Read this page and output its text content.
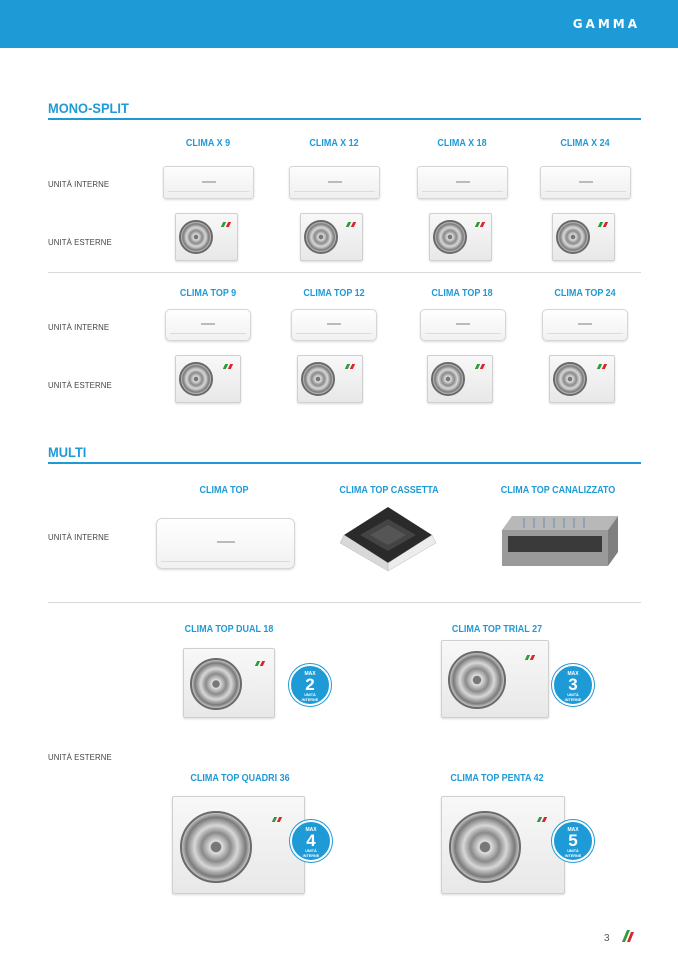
GAMMA
MONO-SPLIT
CLIMA X 9	CLIMA X 12	CLIMA X 18	CLIMA X 24
UNITÀ INTERNE
UNITÀ ESTERNE
CLIMA TOP 9	CLIMA TOP 12	CLIMA TOP 18	CLIMA TOP 24
UNITÀ INTERNE
UNITÀ ESTERNE
MULTI
CLIMA TOP	CLIMA TOP CASSETTA	CLIMA TOP CANALIZZATO
UNITÀ INTERNE
CLIMA TOP DUAL 18	CLIMA TOP TRIAL 27
MAX
2
UNITÀ
INTERNE
MAX
3
UNITÀ
INTERNE
UNITÀ ESTERNE
CLIMA TOP QUADRI 36	CLIMA TOP PENTA 42
MAX
4
UNITÀ
INTERNE
MAX
5
UNITÀ
INTERNE
3
